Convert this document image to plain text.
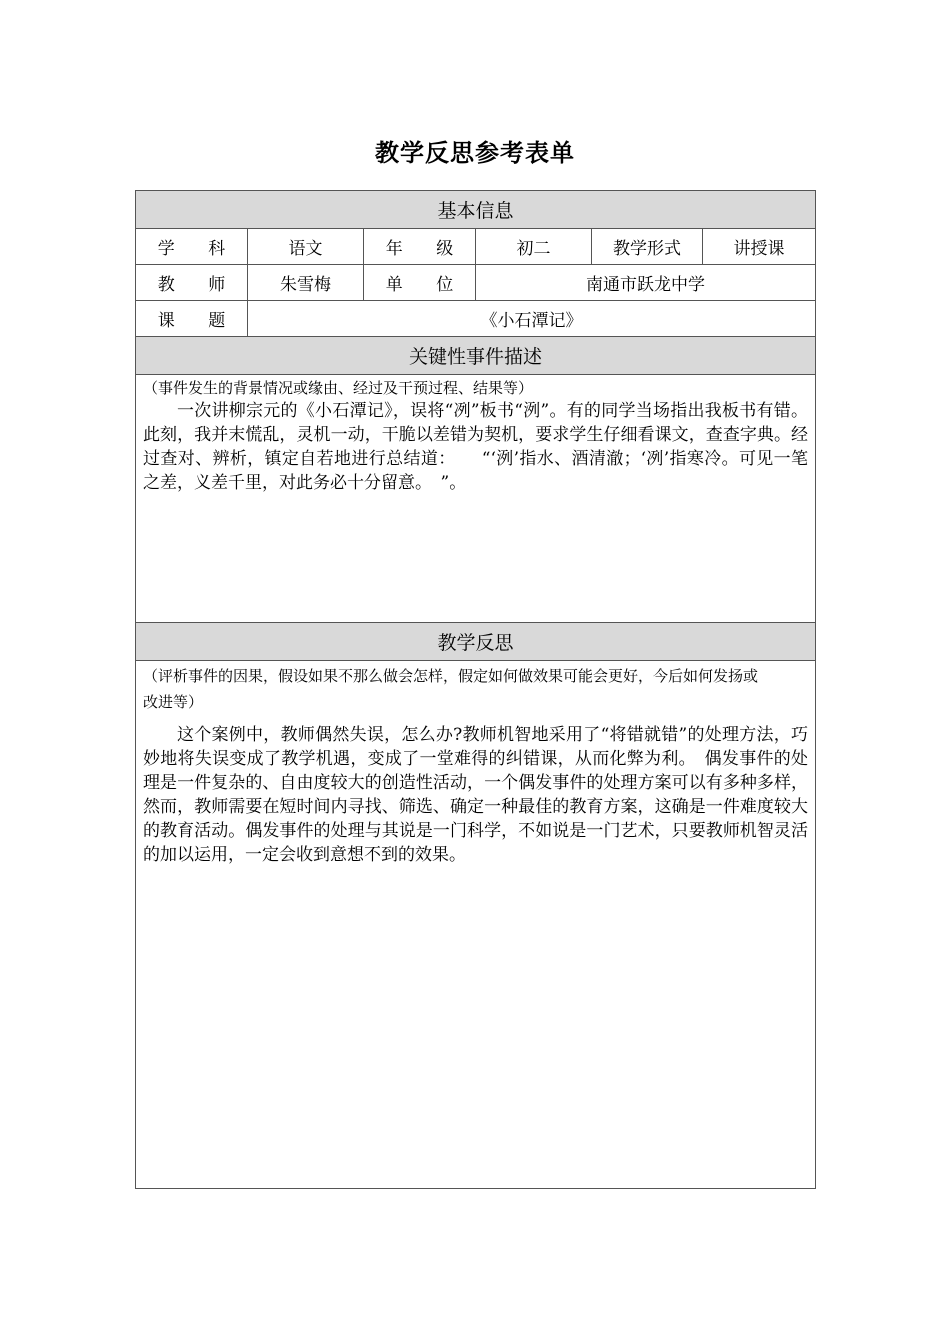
教学反思参考表单
基本信息					
学 科	语文	年 级	初二	教学形式	讲授课
教 师	朱雪梅	单 位	南通市跃龙中学		
课 题	《小石潭记》				
关键性事件描述					

（事件发生的背景情况或缘由、经过及干预过程、结果等）

一次讲柳宗元的《小石潭记》，误将“冽”板书“洌”。有的同学当场指出我板书有错。此刻，我并末慌乱，灵机一动，干脆以差错为契机，要求学生仔细看课文，查查字典。经过查对、辨析，镇定自若地进行总结道：　　“‘洌’指水、酒清澈；‘冽’指寒冷。可见一笔之差，义差千里，对此务必十分留意。　”。					

教学反思					

（评析事件的因果，假设如果不那么做会怎样，假定如何做效果可能会更好，今后如何发扬或
改进等）

这个案例中，教师偶然失误，怎么办?教师机智地采用了“将错就错”的处理方法，巧妙地将失误变成了教学机遇，变成了一堂难得的纠错课，从而化弊为利。　偶发事件的处理是一件复杂的、自由度较大的创造性活动，一个偶发事件的处理方案可以有多种多样，然而，教师需要在短时间内寻找、筛选、确定一种最佳的教育方案，这确是一件难度较大的教育活动。偶发事件的处理与其说是一门科学，不如说是一门艺术，只要教师机智灵活的加以运用，一定会收到意想不到的效果。					
